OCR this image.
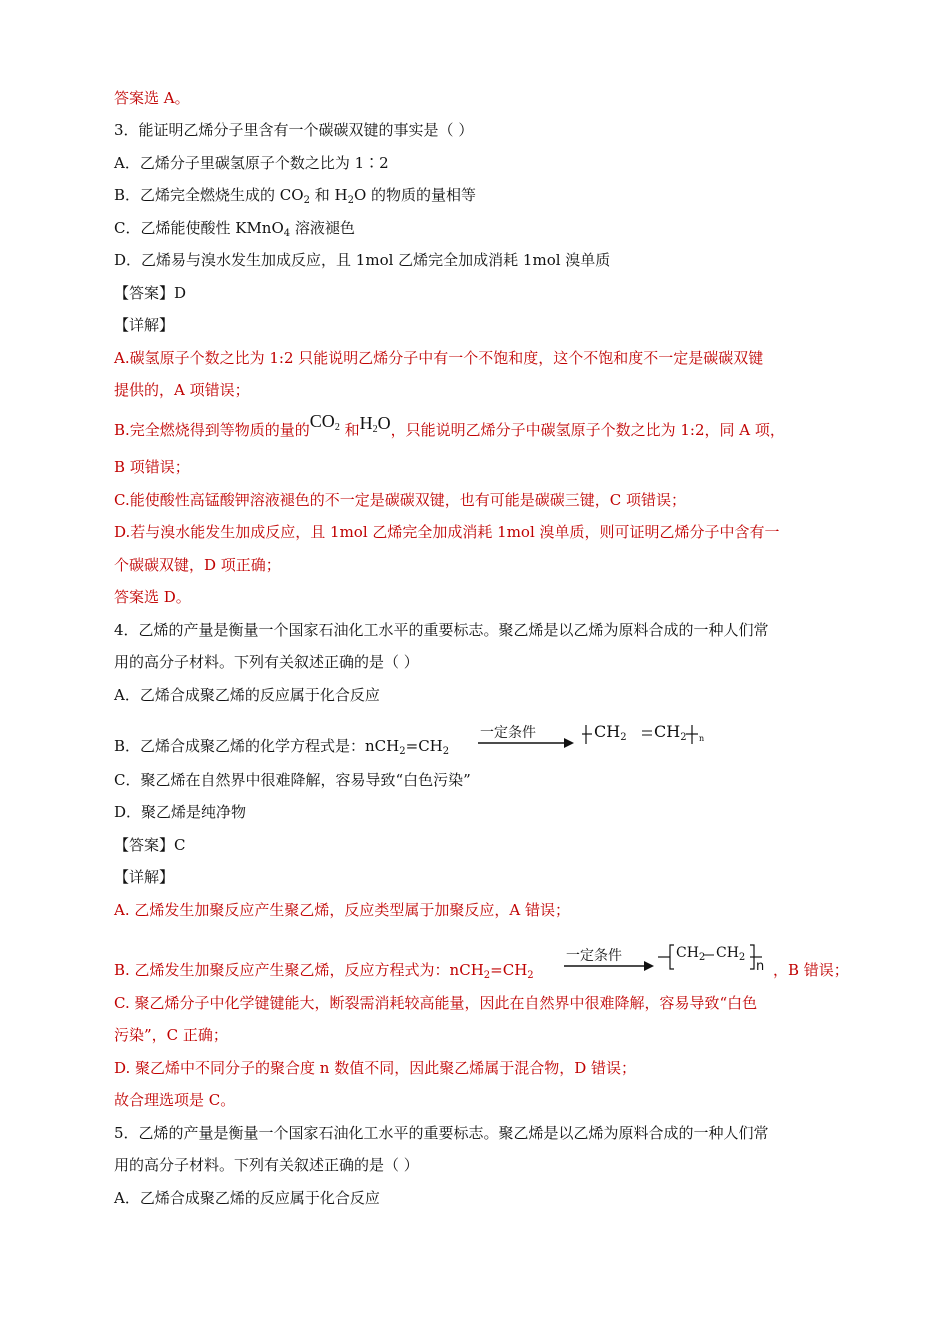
答案选 A。
3．能证明乙烯分子里含有一个碳碳双键的事实是（ ）
A．乙烯分子里碳氢原子个数之比为 1∶2
B．乙烯完全燃烧生成的 $CO_2$ 和 $H_2O$ 的物质的量相等
C．乙烯能使酸性 KMnO$_4$ 溶液褪色
D．乙烯易与溴水发生加成反应，且 1mol 乙烯完全加成消耗 1mol 溴单质
【答案】D
【详解】
A.碳氢原子个数之比为 1:2 只能说明乙烯分子中有一个不饱和度，这个不饱和度不一定是碳碳双键
提供的，A 项错误；
B.完全燃烧得到等物质的量的$CO_2$ 和$H_2O$，只能说明乙烯分子中碳氢原子个数之比为 1:2，同 A 项，
B 项错误；
C.能使酸性高锰酸钾溶液褪色的不一定是碳碳双键，也有可能是碳碳三键，C 项错误；
D.若与溴水能发生加成反应，且 1mol 乙烯完全加成消耗 1mol 溴单质，则可证明乙烯分子中含有一
个碳碳双键，D 项正确；
答案选 D。
4．乙烯的产量是衡量一个国家石油化工水平的重要标志。聚乙烯是以乙烯为原料合成的一种人们常
用的高分子材料。下列有关叙述正确的是（ ）
A．乙烯合成聚乙烯的反应属于化合反应
B．乙烯合成聚乙烯的化学方程式是：$nCH_2=CH_2$
一定条件	$CH_2$ $CH_2$ n
C．聚乙烯在自然界中很难降解，容易导致“白色污染”
D．聚乙烯是纯净物
【答案】C
【详解】
A. 乙烯发生加聚反应产生聚乙烯，反应类型属于加聚反应，A 错误；
B. 乙烯发生加聚反应产生聚乙烯，反应方程式为：$nCH_2=CH_2$
一定条件	$CH_2$ $CH_2$
n ，B 错误；
C. 聚乙烯分子中化学键键能大，断裂需消耗较高能量，因此在自然界中很难降解，容易导致“白色
污染”，C 正确；
D. 聚乙烯中不同分子的聚合度 n 数值不同，因此聚乙烯属于混合物，D 错误；
故合理选项是 C。
5．乙烯的产量是衡量一个国家石油化工水平的重要标志。聚乙烯是以乙烯为原料合成的一种人们常
用的高分子材料。下列有关叙述正确的是（ ）
A．乙烯合成聚乙烯的反应属于化合反应
